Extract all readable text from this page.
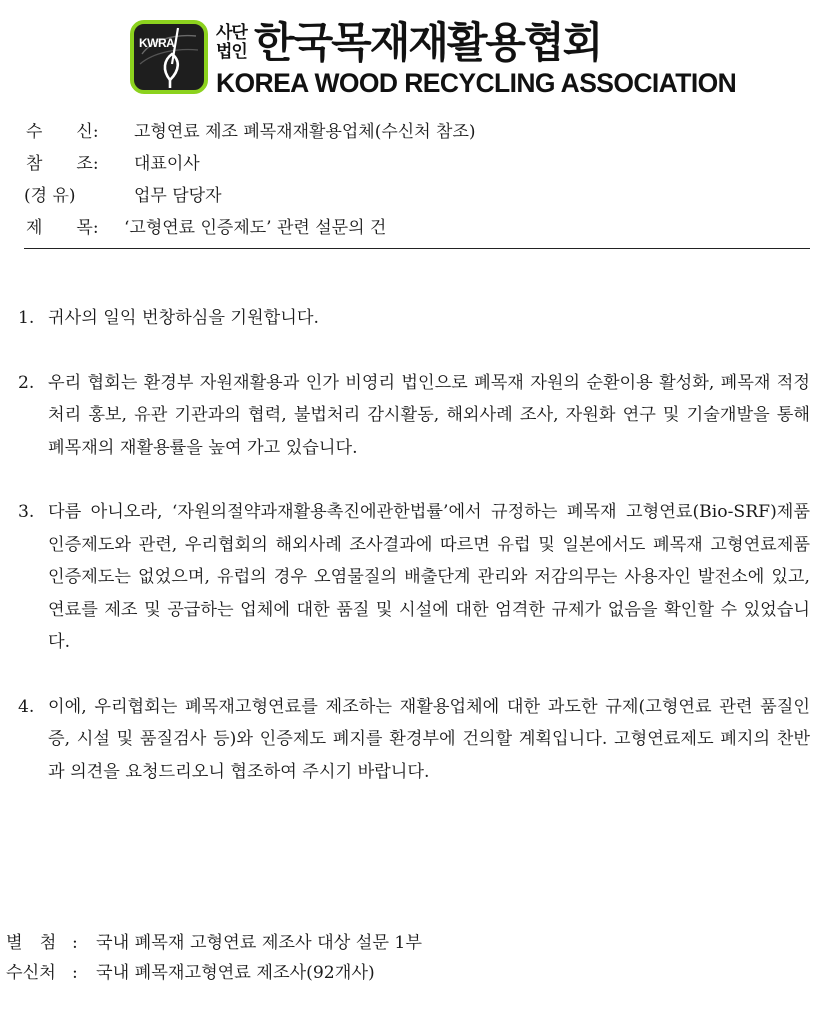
KWRA 사단
법인 한국목재재활용협회
KOREA WOOD RECYCLING ASSOCIATION
수　　신: 고형연료 제조 폐목재재활용업체(수신처 참조)
참　　조: 대표이사
(경 유)	업무 담당자
제　　목: ‘고형연료 인증제도’ 관련 설문의 건
1. 귀사의 일익 번창하심을 기원합니다.
2. 우리 협회는 환경부 자원재활용과 인가 비영리 법인으로 폐목재 자원의 순환이용 활성화, 폐목재 적정처리 홍보, 유관 기관과의 협력, 불법처리 감시활동, 해외사례 조사, 자원화 연구 및 기술개발을 통해 폐목재의 재활용률을 높여 가고 있습니다.
3. 다름 아니오라, ‘자원의절약과재활용촉진에관한법률’에서 규정하는 폐목재 고형연료(Bio-SRF)제품 인증제도와 관련, 우리협회의 해외사례 조사결과에 따르면 유럽 및 일본에서도 폐목재 고형연료제품 인증제도는 없었으며, 유럽의 경우 오염물질의 배출단계 관리와 저감의무는 사용자인 발전소에 있고, 연료를 제조 및 공급하는 업체에 대한 품질 및 시설에 대한 엄격한 규제가 없음을 확인할 수 있었습니다.
4. 이에, 우리협회는 폐목재고형연료를 제조하는 재활용업체에 대한 과도한 규제(고형연료 관련 품질인증, 시설 및 품질검사 등)와 인증제도 폐지를 환경부에 건의할 계획입니다. 고형연료제도 폐지의 찬반과 의견을 요청드리오니 협조하여 주시기 바랍니다.
별　첨 : 국내 폐목재 고형연료 제조사 대상 설문 1부
수신처 : 국내 폐목재고형연료 제조사(92개사)
